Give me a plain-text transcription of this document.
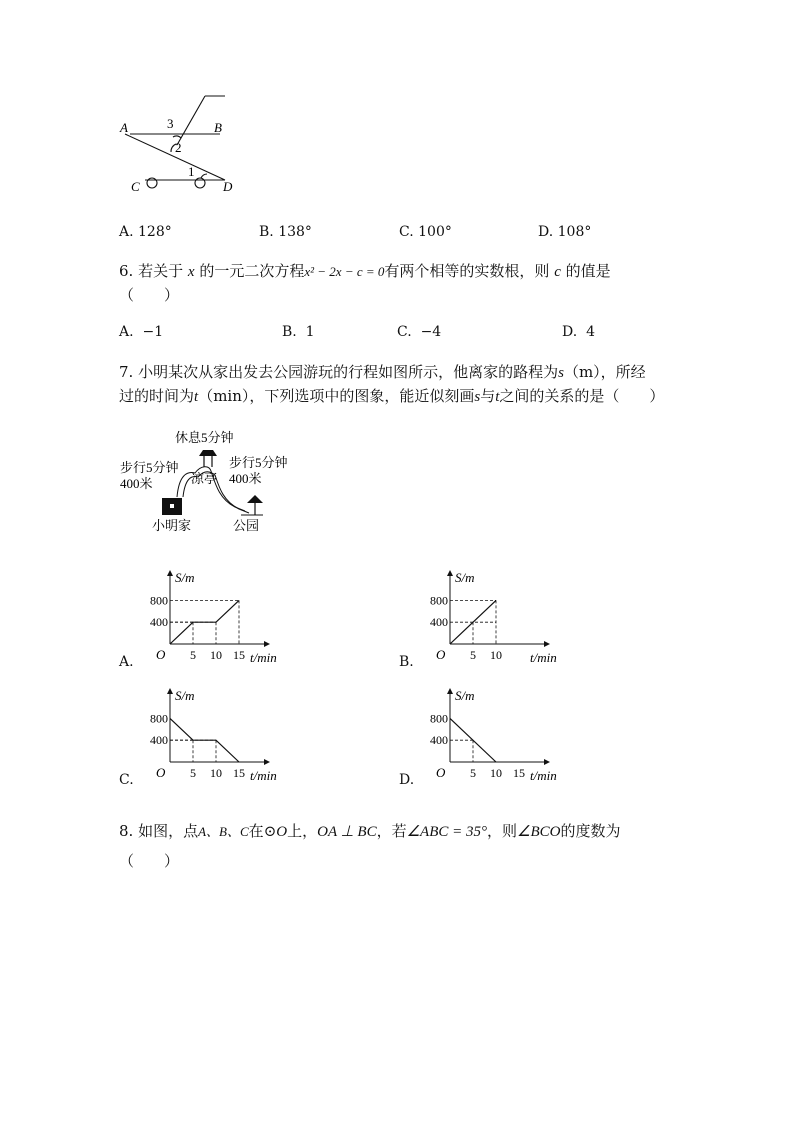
A	B
C	D
3
2
1
A. 128°	B. 138°	C. 100°	D. 108°
6. 若关于 x 的一元二次方程x² − 2x − c = 0有两个相等的实数根，则 c 的值是
（　　）
A. −1	B. 1	C. −4	D. 4
7. 小明某次从家出发去公园游玩的行程如图所示，他离家的路程为s（m），所经
过的时间为t（min），下列选项中的图象，能近似刻画s与t之间的关系的是（　　）
休息5分钟
步行5分钟
400米
步行5分钟
400米
凉亭
小明家	公园
A.	B.
C.	D.
S/m
t/min
O
400
800
5 10 15
S/m
t/min
O
400
800
5 10
S/m
t/min
O
400
800
5 10 15
S/m
t/min
O
400
800
5 10 15
8. 如图，点A、B、C在⊙O上，OA ⊥ BC，若∠ABC = 35°，则∠BCO的度数为
（　　）
